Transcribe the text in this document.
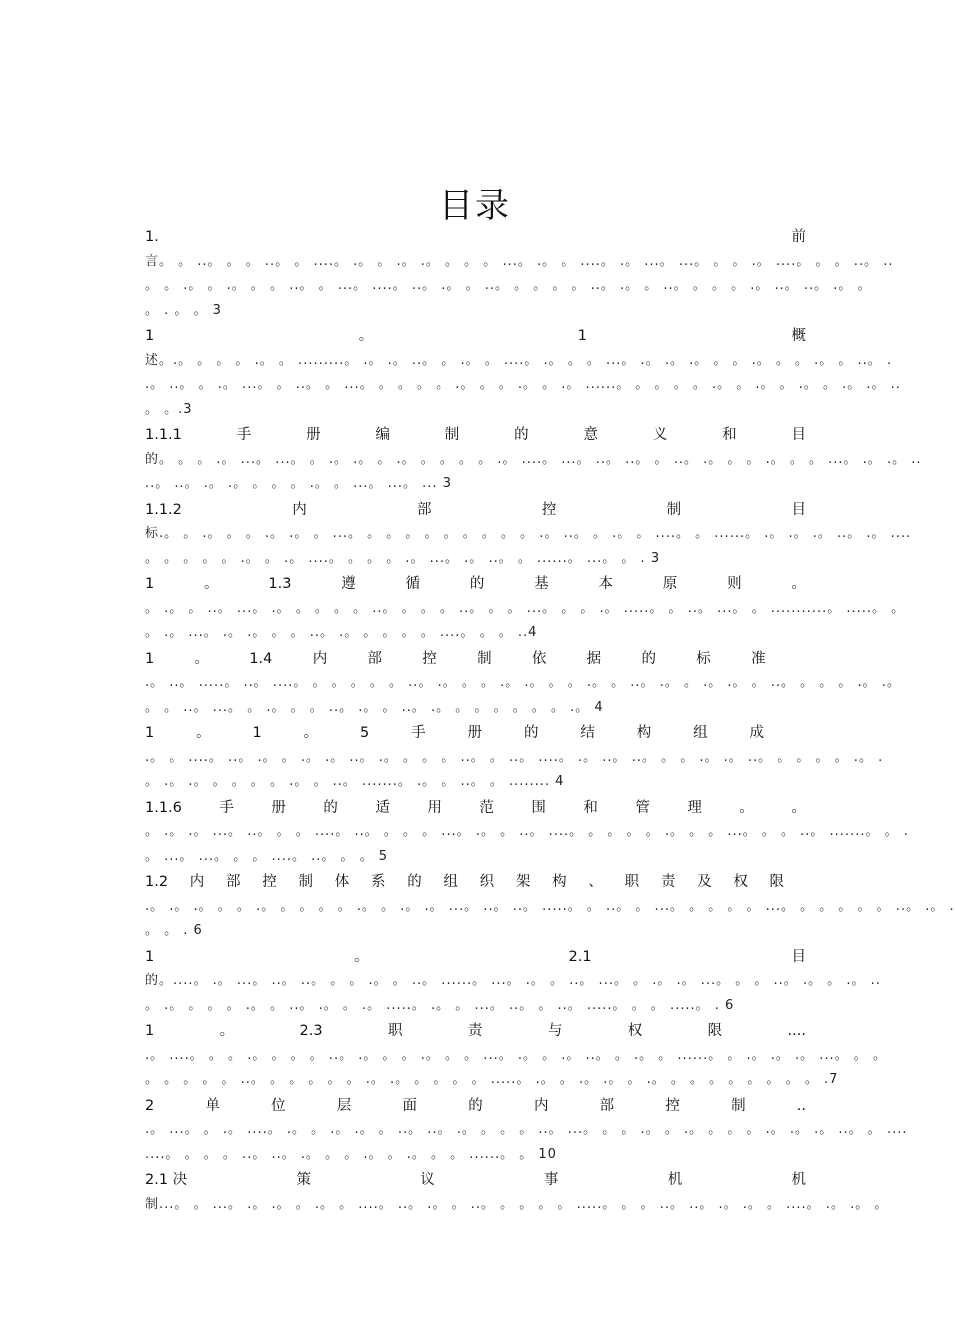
目录
1.	前
言。 。 ..。 。 。 ..。 。 ....。 .。 。 .。 .。 。 。 。 ...。 .。 。 ....。 .。 ...。 ...。 。 。 .。 ....。 。 。 ..。 ..
。 。 .。 。 .。 。 。 ..。 。 ...。 ....。 ..。 .。 。 ..。 。 。 。 。 ..。 .。 。 ..。 。 。 。 .。 ..。 ..。 .。 。
。 . 。 。 3
1	。	1	概
述。.。 。 。 。 .。 。 .........。 .。 .。 ..。 。 .。 。 ....。 .。 。 。 ...。 .。 .。 .。 。 。 .。 。 。 .。 。 ..。 .
.。 ..。 。 .。 ...。 。 ..。 。 ...。 。 。 。 。 .。 。 。 .。 。 .。 ......。 。 。 。 。 .。 。 .。 。 .。 。 .。 .。 ..
。 。.3
1.1.1	手	册	编	制	的	意	义	和	目
的。 。 。 .。 ...。 ...。 。 .。 .。 。 .。 。 。 。 。 .。 ....。 ...。 ..。 ..。 。 ..。 .。 。 。 .。 。 。 ...。 .。 .。 ..
..。 ..。 .。 .。 。 。 。 .。 。 ...。 ...。 ... 3
1.1.2	内	部	控	制	目
标.。 。 .。 。 。 .。 .。 。 ...。 。 。 。 。 。 。 。 。 。 .。 ..。 。 .。 。 ....。 。 ......。 .。 .。 .。 ..。 .。 ....
。 。 。 。 。 .。 。 .。 ....。 。 。 。 .。 ...。 .。 ..。 。 ......。 ...。 。 . 3
1	。	1.3	遵	循	的	基	本	原	则	。
。 .。 。 ..。 ...。 .。 。 。 。 。 ..。 。 。 。 ..。 。 。 ...。 。 。 .。 .....。 。 ..。 ...。 。 ...........。 .....。 。
。 .。 ...。 .。 .。 。 。 ..。 .。 。 。 。 。 ....。 。 。 ..4
1	。	1.4	内	部	控	制	依	据	的	标	准
.。 ..。 .....。 ..。 ....。 。 。 。 。 。 ..。 .。 。 。 .。 .。 。 。 .。 。 ..。 .。 。 .。 .。 。 ..。 。 。 。 .。 .。
。 。 ..。 ...。 。 .。 。 。 ..。 .。 。 ..。 .。 。 。 。 。 。 。 .。 4
1	。	1	。	5	手	册	的	结	构	组	成
.。 。 ....。 ..。 .。 。 .。 .。 ..。 .。 。 。 。 ..。 。 ..。 ....。 .。 ..。 ..。 。 。 .。 .。 ..。 。 。 。 。 .。 .
。 .。 .。 。 。 。 。 .。 。 ..。 .......。 .。 。 ..。 。 ........ 4
1.1.6	手	册	的	适	用	范	围	和	管	理	。	。
。 .。 .。 ...。 ..。 。 。 ....。 ..。 。 。 。 ...。 .。 。 ..。 ....。 。 。 。 。 .。 。 。 ...。 。 。 ..。 .......。 。 .
。 ...。 ...。 。 。 ....。 ..。 。 。 5
1.2 内 部 控 制 体 系 的 组 织 架 构 、 职 责 及 权 限
.。 .。 .。 。 。 .。 。 。 。 。 .。 。 .。 .。 ...。 ..。 ..。 .....。 。 ..。 。 ...。 。 。 。 。 ...。 。 。 。 。 。 ..。 .。 .
。 。 . 6
1	。	2.1	目
的。....。 .。 ...。 ..。 ..。 。 。 .。 。 ..。 ......。 ...。 .。 。 ..。 ...。 。 .。 .。 ...。 。 。 ..。 .。 。 .。 ..
。 .。 。 。 。 .。 。 ..。 .。 。 .。 .....。 .。 。 ...。 ..。 。 ..。 .....。 。 。 .....。 . 6
1	。	2.3	职	责	与	权	限	....
.。 ....。 。 。 .。 。 。 。 ..。 .。 。 。 .。 。 。 ...。 .。 。 .。 ..。 。 .。 。 ......。 。 .。 .。 .。 ...。 。 。
。 。 。 。 。 ..。 。 。 。 。 。 .。 .。 。 。 。 。 .....。 .。 。 .。 .。 。 .。 。 。 。 。 。 。 。 。 .7
2	单	位	层	面	的	内	部	控	制	..
.。 ...。 。 .。 ....。 .。 。 .。 .。 。 ..。 ..。 .。 。 。 。 ..。 ...。 。 。 .。 。 .。 。 。 。 .。 .。 .。 ..。 。 ....
....。 。 。 。 ..。 ..。 .。 。 。 .。 。 .。 。 。 ......。 。 10
2.1 决	策	议	事	机	机
制...。 。 ...。 .。 .。 。 .。 。 ....。 ..。 .。 。 ..。 。 。 。 。 .....。 。 。 ..。 ..。 .。 .。 。 ....。 .。 .。 。
